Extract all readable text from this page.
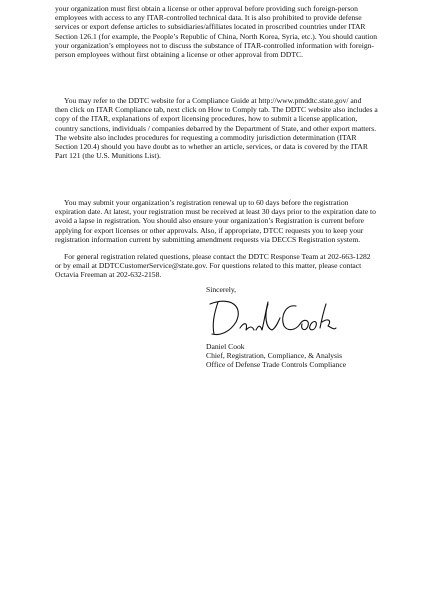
your organization must first obtain a license or other approval before providing such foreign-person
employees with access to any ITAR-controlled technical data. It is also prohibited to provide defense
services or export defense articles to subsidiaries/affiliates located in proscribed countries under ITAR
Section 126.1 (for example, the People’s Republic of China, North Korea, Syria, etc.). You should caution
your organization’s employees not to discuss the substance of ITAR-controlled information with foreign-
person employees without first obtaining a license or other approval from DDTC.

You may refer to the DDTC website for a Compliance Guide at http://www.pmddtc.state.gov/ and
then click on ITAR Compliance tab, next click on How to Comply tab. The DDTC website also includes a
copy of the ITAR, explanations of export licensing procedures, how to submit a license application,
country sanctions, individuals / companies debarred by the Department of State, and other export matters.
The website also includes procedures for requesting a commodity jurisdiction determination (ITAR
Section 120.4) should you have doubt as to whether an article, services, or data is covered by the ITAR
Part 121 (the U.S. Munitions List).

You may submit your organization’s registration renewal up to 60 days before the registration
expiration date. At latest, your registration must be received at least 30 days prior to the expiration date to
avoid a lapse in registration. You should also ensure your organization’s Registration is current before
applying for export licenses or other approvals. Also, if appropriate, DTCC requests you to keep your
registration information current by submitting amendment requests via DECCS Registration system.

For general registration related questions, please contact the DDTC Response Team at 202-663-1282
or by email at DDTCCustomerService@state.gov. For questions related to this matter, please contact
Octavia Freeman at 202-632-2158.

Sincerely,
Daniel Cook
Chief, Registration, Compliance, & Analysis
Office of Defense Trade Controls Compliance
